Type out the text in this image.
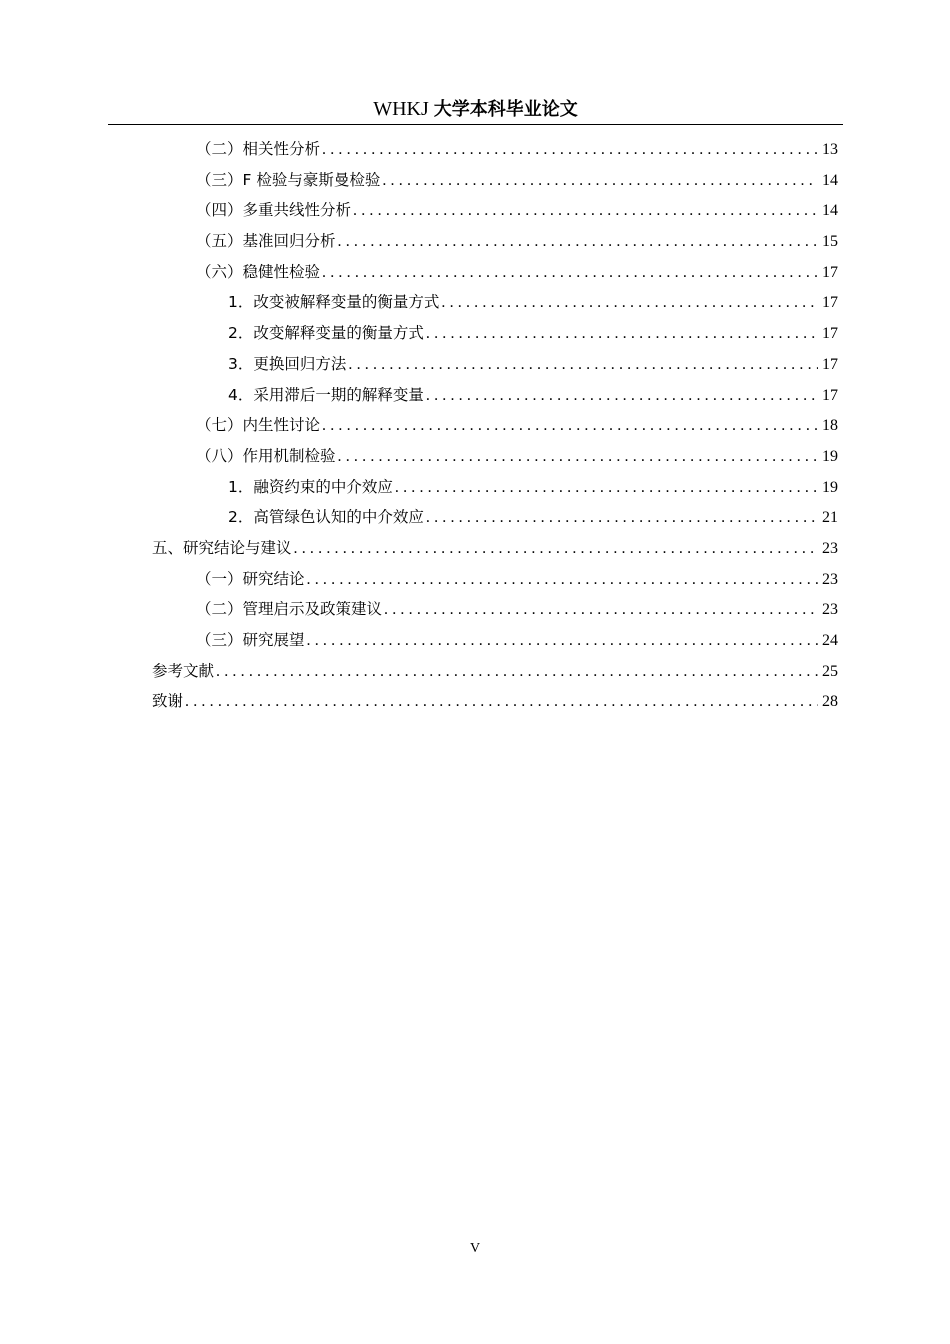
WHKJ 大学本科毕业论文
（二）相关性分析 .....	13
（三）F 检验与豪斯曼检验 .....	14
（四）多重共线性分析 .....	14
（五）基准回归分析 .....	15
（六）稳健性检验 .....	17
1．改变被解释变量的衡量方式 .....	17
2．改变解释变量的衡量方式 .....	17
3．更换回归方法 .....	17
4．采用滞后一期的解释变量 .....	17
（七）内生性讨论 .....	18
（八）作用机制检验 .....	19
1．融资约束的中介效应 .....	19
2．高管绿色认知的中介效应 .....	21
五、研究结论与建议 .....	23
（一）研究结论 .....	23
（二）管理启示及政策建议 .....	23
（三）研究展望 .....	24
参考文献 .....	25
致谢 .....	28
V
